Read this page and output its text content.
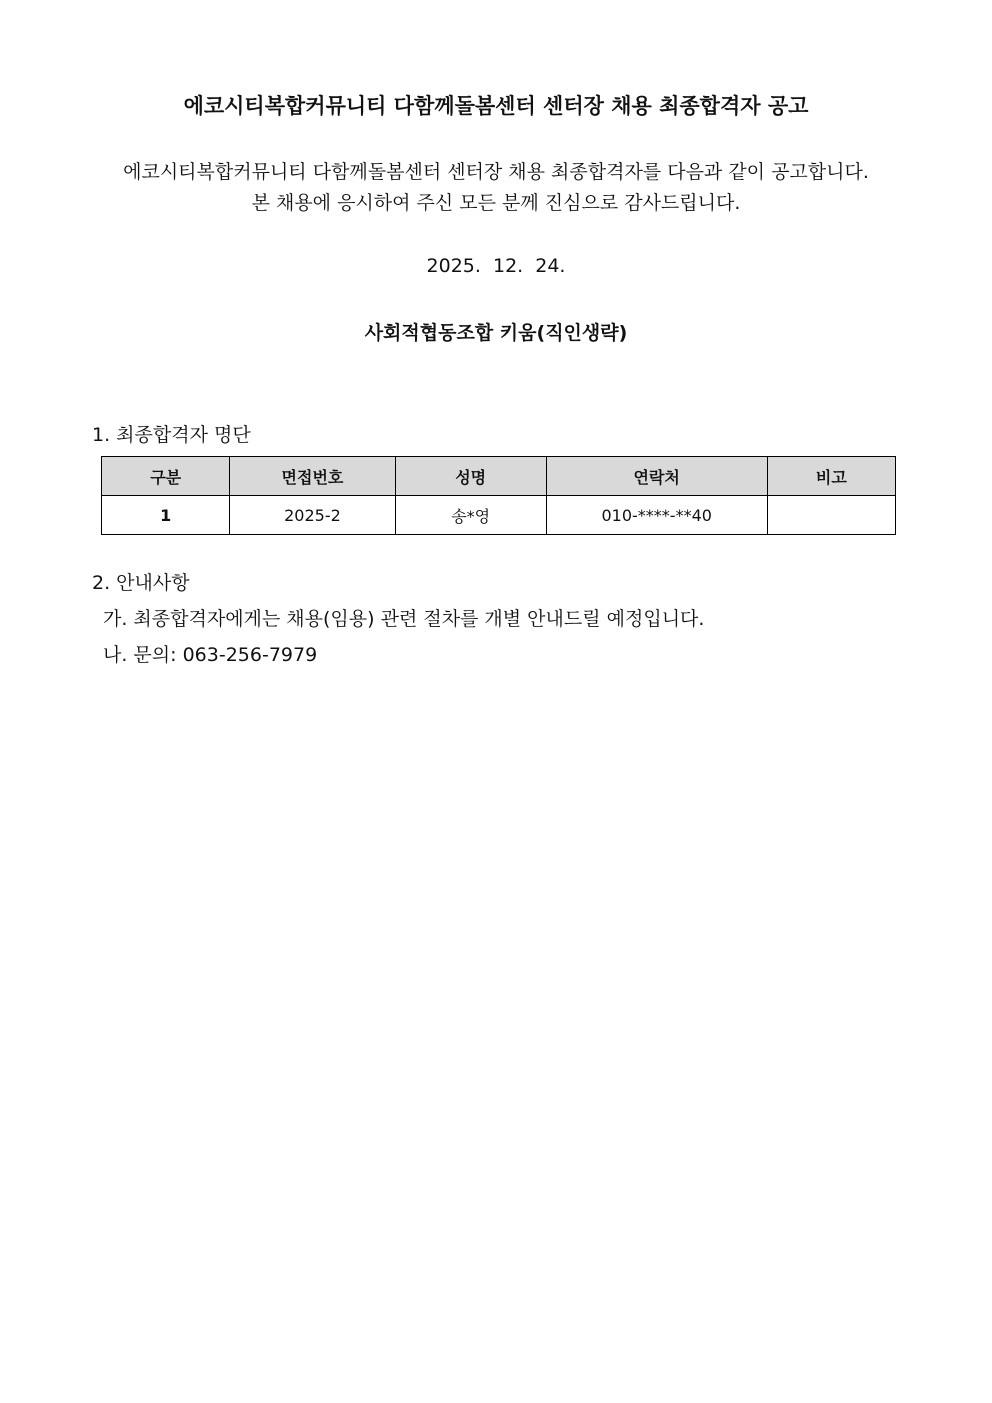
에코시티복합커뮤니티 다함께돌봄센터 센터장 채용 최종합격자 공고
에코시티복합커뮤니티 다함께돌봄센터 센터장 채용 최종합격자를 다음과 같이 공고합니다.
본 채용에 응시하여 주신 모든 분께 진심으로 감사드립니다.
2025. 12. 24.
사회적협동조합 키움(직인생략)
1. 최종합격자 명단
구분	면접번호	성명	연락처	비고
1	2025-2	송*영	010-****-**40	
2. 안내사항
가. 최종합격자에게는 채용(임용) 관련 절차를 개별 안내드릴 예정입니다.
나. 문의: 063-256-7979
